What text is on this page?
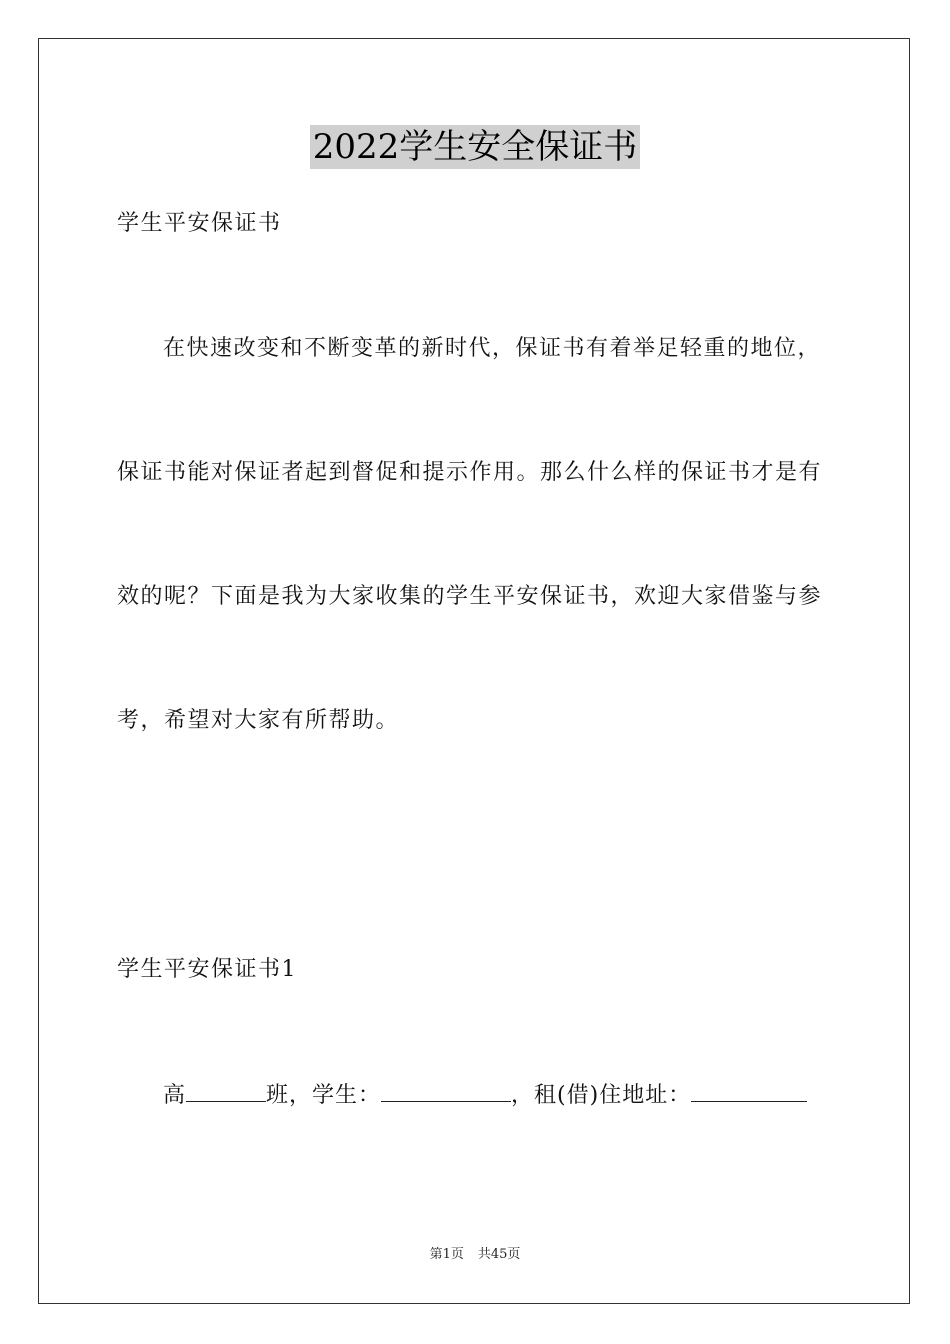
2022学生安全保证书
学生平安保证书
在快速改变和不断变革的新时代，保证书有着举足轻重的地位，
保证书能对保证者起到督促和提示作用。那么什么样的保证书才是有
效的呢？下面是我为大家收集的学生平安保证书，欢迎大家借鉴与参
考，希望对大家有所帮助。
学生平安保证书1
高	班，学生：	，租(借)住地址：
第1页 共45页
